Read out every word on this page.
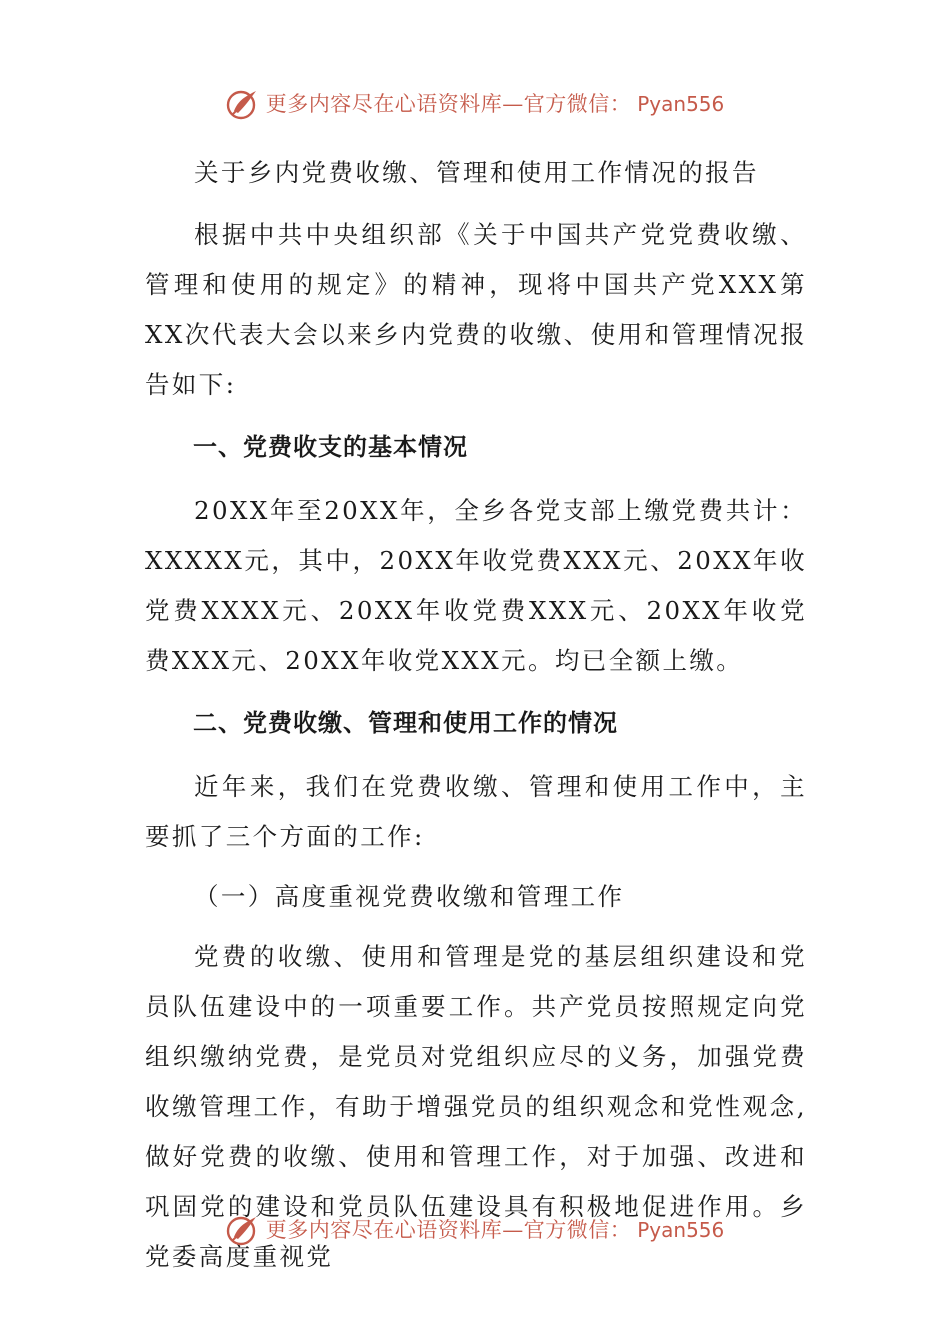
更多内容尽在心语资料库—官方微信： Pyan556

关于乡内党费收缴、管理和使用工作情况的报告

根据中共中央组织部《关于中国共产党党费收缴、管理和使用的规定》的精神，现将中国共产党XXX第XX次代表大会以来乡内党费的收缴、使用和管理情况报告如下:

一、党费收支的基本情况

20XX年至20XX年，全乡各党支部上缴党费共计：XXXXX元，其中，20XX年收党费XXX元、20XX年收党费XXXX元、20XX年收党费XXX元、20XX年收党费XXX元、20XX年收党XXX元。均已全额上缴。

二、党费收缴、管理和使用工作的情况

近年来，我们在党费收缴、管理和使用工作中，主要抓了三个方面的工作:

（一）高度重视党费收缴和管理工作

党费的收缴、使用和管理是党的基层组织建设和党员队伍建设中的一项重要工作。共产党员按照规定向党组织缴纳党费，是党员对党组织应尽的义务，加强党费收缴管理工作，有助于增强党员的组织观念和党性观念,做好党费的收缴、使用和管理工作，对于加强、改进和巩固党的建设和党员队伍建设具有积极地促进作用。乡党委高度重视党

更多内容尽在心语资料库—官方微信： Pyan556
